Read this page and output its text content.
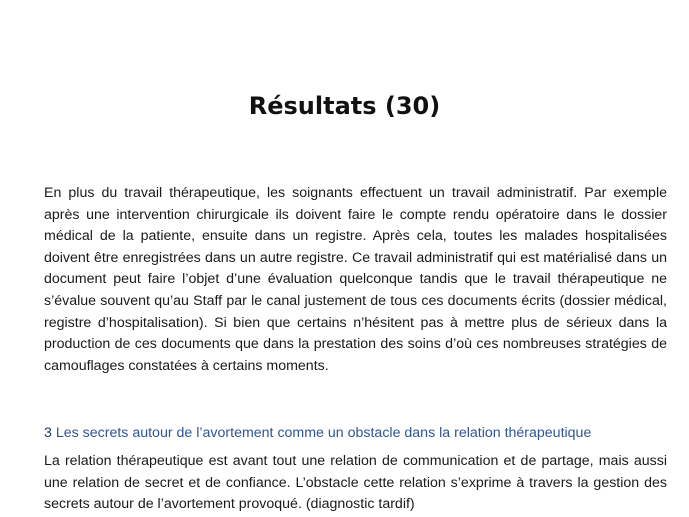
Résultats (30)

En plus du travail thérapeutique, les soignants effectuent un travail administratif. Par exemple après une intervention chirurgicale ils doivent faire le compte rendu opératoire dans le dossier médical de la patiente, ensuite dans un registre. Après cela, toutes les malades hospitalisées doivent être enregistrées dans un autre registre. Ce travail administratif qui est matérialisé dans un document peut faire l’objet d’une évaluation quelconque tandis que le travail thérapeutique ne s’évalue souvent qu’au Staff par le canal justement de tous ces documents écrits (dossier médical, registre d’hospitalisation). Si bien que certains n’hésitent pas à mettre plus de sérieux dans la production de ces documents que dans la prestation des soins d’où ces nombreuses stratégies de camouflages constatées à certains moments.

3 Les secrets autour de l’avortement comme un obstacle dans la relation thérapeutique

La relation thérapeutique est avant tout une relation de communication et de partage, mais aussi une relation de secret et de confiance. L’obstacle cette relation s’exprime à travers la gestion des secrets autour de l’avortement provoqué. (diagnostic tardif)
